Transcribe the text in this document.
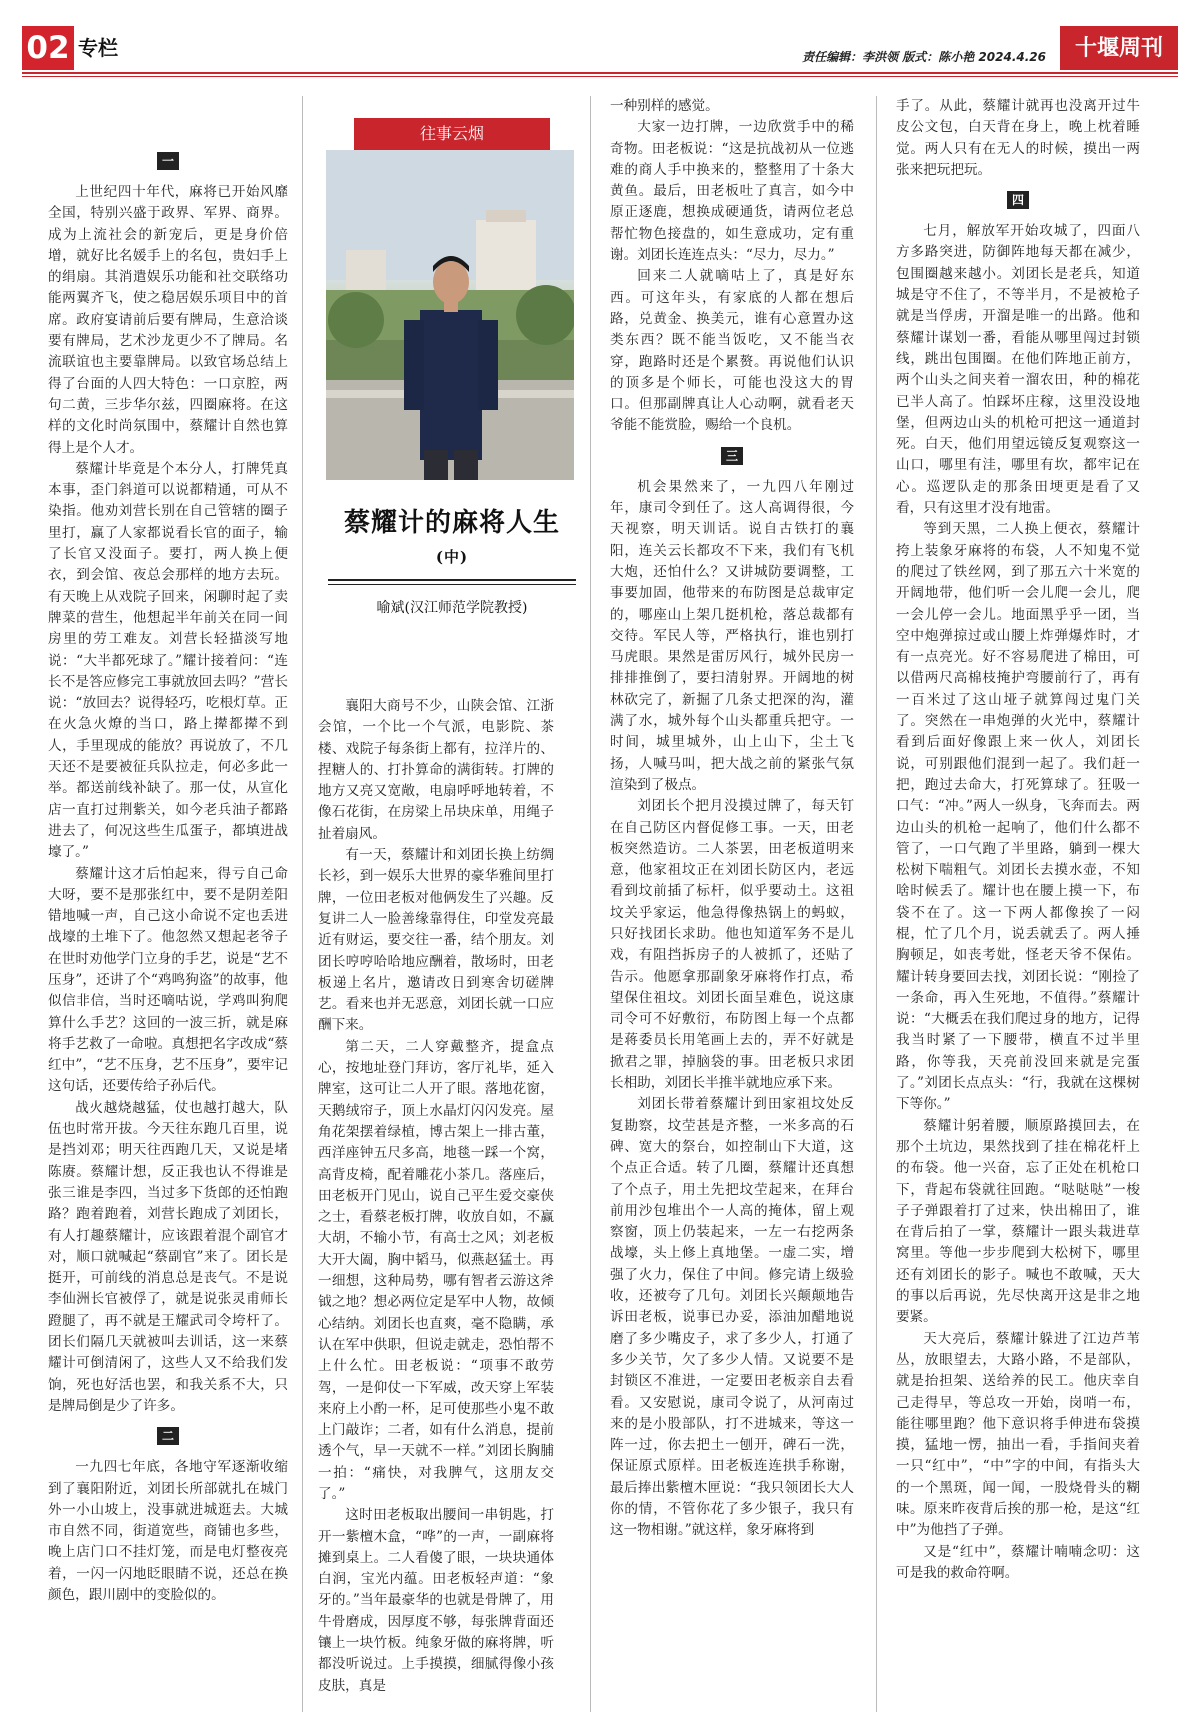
02 专栏	责任编辑：李洪领 版式：陈小艳 2024.4.26	十堰周刊
一

上世纪四十年代，麻将已开始风靡全国，特别兴盛于政界、军界、商界。成为上流社会的新宠后，更是身价倍增，就好比名媛手上的名包，贵妇手上的绢扇。其消遣娱乐功能和社交联络功能两翼齐飞，使之稳居娱乐项目中的首席。政府宴请前后要有牌局，生意洽谈要有牌局，艺术沙龙更少不了牌局。名流联谊也主要靠牌局。以致官场总结上得了台面的人四大特色：一口京腔，两句二黄，三步华尔兹，四圈麻将。在这样的文化时尚氛围中，蔡耀计自然也算得上是个人才。

蔡耀计毕竟是个本分人，打牌凭真本事，歪门斜道可以说都精通，可从不染指。他劝刘营长别在自己管辖的圈子里打，赢了人家都说看长官的面子，输了长官又没面子。要打，两人换上便衣，到会馆、夜总会那样的地方去玩。有天晚上从戏院子回来，闲聊时起了卖牌菜的营生，他想起半年前关在同一间房里的劳工难友。刘营长轻描淡写地说：“大半都死球了。”耀计接着问：“连长不是答应修完工事就放回去吗？”营长说：“放回去？说得轻巧，吃根灯草。正在火急火燎的当口，路上撵都撵不到人，手里现成的能放？再说放了，不几天还不是要被征兵队拉走，何必多此一举。都送前线补缺了。那一仗，从宣化店一直打过荆紫关，如今老兵油子都路进去了，何况这些生瓜蛋子，都填进战壕了。”

蔡耀计这才后怕起来，得亏自己命大呀，要不是那张红中，要不是阴差阳错地喊一声，自己这小命说不定也丢进战壕的土堆下了。他忽然又想起老爷子在世时劝他学门立身的手艺，说是“艺不压身”，还讲了个“鸡鸣狗盗”的故事，他似信非信，当时还嘀咕说，学鸡叫狗爬算什么手艺？这回的一波三折，就是麻将手艺救了一命啦。真想把名字改成“蔡红中”，“艺不压身，艺不压身”，要牢记这句话，还要传给子孙后代。

战火越烧越猛，仗也越打越大，队伍也时常开拔。今天往东跑几百里，说是挡刘邓；明天往西跑几天，又说是堵陈赓。蔡耀计想，反正我也认不得谁是张三谁是李四，当过多下货郎的还怕跑路？跑着跑着，刘营长跑成了刘团长，有人打趣蔡耀计，应该跟着混个副官才对，顺口就喊起“蔡副官”来了。团长是挺开，可前线的消息总是丧气。不是说李仙洲长官被俘了，就是说张灵甫师长蹬腿了，再不就是王耀武司令垮杆了。团长们隔几天就被叫去训话，这一来蔡耀计可倒清闲了，这些人又不给我们发饷，死也好活也罢，和我关系不大，只是牌局倒是少了许多。

二

一九四七年底，各地守军逐渐收缩到了襄阳附近，刘团长所部就扎在城门外一小山坡上，没事就进城逛去。大城市自然不同，街道宽些，商铺也多些，晚上店门口不挂灯笼，而是电灯整夜亮着，一闪一闪地眨眼睛不说，还总在换颜色，跟川剧中的变脸似的。

往事云烟
蔡耀计的麻将人生(中)
喻斌(汉江师范学院教授)

襄阳大商号不少，山陕会馆、江浙会馆，一个比一个气派，电影院、茶楼、戏院子每条街上都有，拉洋片的、捏糖人的、打扑算命的满街转。打牌的地方又亮又宽敞，电扇呼呼地转着，不像石花街，在房梁上吊块床单，用绳子扯着扇风。

有一天，蔡耀计和刘团长换上纺绸长衫，到一娱乐大世界的豪华雅间里打牌，一位田老板对他俩发生了兴趣。反复讲二人一脸善缘靠得住，印堂发亮最近有财运，要交往一番，结个朋友。刘团长哼哼哈哈地应酬着，散场时，田老板递上名片，邀请改日到寒舍切磋牌艺。看来也并无恶意，刘团长就一口应酬下来。

第二天，二人穿戴整齐，提盒点心，按地址登门拜访，客厅礼毕，延入牌室，这可让二人开了眼。落地花窗，天鹅绒帘子，顶上水晶灯闪闪发亮。屋角花架摆着绿植，博古架上一排古董，西洋座钟五尺多高，地毯一踩一个窝，高背皮椅，配着雕花小茶几。落座后，田老板开门见山，说自己平生爱交豪侠之士，看蔡老板打牌，收放自如，不赢大胡，不输小节，有高士之风；刘老板大开大阖，胸中韬马，似燕赵猛士。再一细想，这种局势，哪有智者云游这斧钺之地？想必两位定是军中人物，故倾心结纳。刘团长也直爽，毫不隐瞒，承认在军中供职，但说走就走，恐怕帮不上什么忙。田老板说：“项事不敢劳驾，一是仰仗一下军威，改天穿上军装来府上小酌一杯，足可使那些小鬼不敢上门敲诈；二者，如有什么消息，提前透个气，早一天就不一样。”刘团长胸脯一拍：“痛快，对我脾气，这朋友交了。”

这时田老板取出腰间一串钥匙，打开一紫檀木盒，“哗”的一声，一副麻将摊到桌上。二人看傻了眼，一块块通体白润，宝光内蕴。田老板轻声道：“象牙的。”当年最豪华的也就是骨牌了，用牛骨磨成，因厚度不够，每张牌背面还镶上一块竹板。纯象牙做的麻将牌，听都没听说过。上手摸摸，细腻得像小孩皮肤，真是

一种别样的感觉。

大家一边打牌，一边欣赏手中的稀奇物。田老板说：“这是抗战初从一位逃难的商人手中换来的，整整用了十条大黄鱼。最后，田老板吐了真言，如今中原正逐鹿，想换成硬通货，请两位老总帮忙物色接盘的，如生意成功，定有重谢。刘团长连连点头：“尽力，尽力。”

回来二人就嘀咕上了，真是好东西。可这年头，有家底的人都在想后路，兑黄金、换美元，谁有心意置办这类东西？既不能当饭吃，又不能当衣穿，跑路时还是个累赘。再说他们认识的顶多是个师长，可能也没这大的胃口。但那副牌真让人心动啊，就看老天爷能不能赏脸，赐给一个良机。

三

机会果然来了，一九四八年刚过年，康司令到任了。这人高调得很，今天视察，明天训话。说自古铁打的襄阳，连关云长都攻不下来，我们有飞机大炮，还怕什么？又讲城防要调整，工事要加固，他带来的布防图是总裁审定的，哪座山上架几挺机枪，落总裁都有交待。军民人等，严格执行，谁也别打马虎眼。果然是雷厉风行，城外民房一排排推倒了，要扫清射界。开阔地的树林砍完了，新掘了几条丈把深的沟，灌满了水，城外每个山头都重兵把守。一时间，城里城外，山上山下，尘土飞扬，人喊马叫，把大战之前的紧张气氛渲染到了极点。

刘团长个把月没摸过牌了，每天钉在自己防区内督促修工事。一天，田老板突然造访。二人茶罢，田老板道明来意，他家祖坟正在刘团长防区内，老远看到坟前插了标杆，似乎要动土。这祖坟关乎家运，他急得像热锅上的蚂蚁，只好找团长求助。他也知道军务不是儿戏，有阻挡拆房子的人被抓了，还贴了告示。他愿拿那副象牙麻将作打点，希望保住祖坟。刘团长面呈难色，说这康司令可不好敷衍，布防图上每一个点都是蒋委员长用笔画上去的，弄不好就是掀君之罪，掉脑袋的事。田老板只求团长相助，刘团长半推半就地应承下来。

刘团长带着蔡耀计到田家祖坟处反复勘察，坟茔甚是齐整，一米多高的石碑、宽大的祭台，如控制山下大道，这个点正合适。转了几圈，蔡耀计还真想了个点子，用土先把坟茔起来，在拜台前用沙包堆出个一人高的掩体，留上观察窗，顶上仍装起来，一左一右挖两条战壕，头上修上真地堡。一虚二实，增强了火力，保住了中间。修完请上级验收，还被夸了几句。刘团长兴颠颠地告诉田老板，说事已办妥，添油加醋地说磨了多少嘴皮子，求了多少人，打通了多少关节，欠了多少人情。又说要不是封锁区不准进，一定要田老板亲自去看看。又安慰说，康司令说了，从河南过来的是小股部队，打不进城来，等这一阵一过，你去把土一刨开，碑石一洗，保证原式原样。田老板连连拱手称谢，最后捧出紫檀木匣说：“我只领团长大人你的情，不管你花了多少银子，我只有这一物相谢。”就这样，象牙麻将到

手了。从此，蔡耀计就再也没离开过牛皮公文包，白天背在身上，晚上枕着睡觉。两人只有在无人的时候，摸出一两张来把玩把玩。

四

七月，解放军开始攻城了，四面八方多路突进，防御阵地每天都在减少，包围圈越来越小。刘团长是老兵，知道城是守不住了，不等半月，不是被枪子就是当俘虏，开溜是唯一的出路。他和蔡耀计谋划一番，看能从哪里闯过封锁线，跳出包围圈。在他们阵地正前方，两个山头之间夹着一溜农田，种的棉花已半人高了。怕踩坏庄稼，这里没设地堡，但两边山头的机枪可把这一通道封死。白天，他们用望远镜反复观察这一山口，哪里有洼，哪里有坎，都牢记在心。巡逻队走的那条田埂更是看了又看，只有这里才没有地雷。

等到天黑，二人换上便衣，蔡耀计挎上装象牙麻将的布袋，人不知鬼不觉的爬过了铁丝网，到了那五六十米宽的开阔地带，他们听一会儿爬一会儿，爬一会儿停一会儿。地面黑乎乎一团，当空中炮弹掠过或山腰上炸弹爆炸时，才有一点亮光。好不容易爬进了棉田，可以借两尺高棉枝掩护弯腰前行了，再有一百米过了这山垭子就算闯过鬼门关了。突然在一串炮弹的火光中，蔡耀计看到后面好像跟上来一伙人，刘团长说，可别跟他们混到一起了。我们赶一把，跑过去命大，打死算球了。狂吸一口气：“冲。”两人一纵身，飞奔而去。两边山头的机枪一起响了，他们什么都不管了，一口气跑了半里路，躺到一棵大松树下喘粗气。刘团长去摸水壶，不知啥时候丢了。耀计也在腰上摸一下，布袋不在了。这一下两人都像挨了一闷棍，忙了几个月，说丢就丢了。两人捶胸顿足，如丧考妣，怪老天爷不保佑。耀计转身要回去找，刘团长说：“刚捡了一条命，再入生死地，不值得。”蔡耀计说：“大概丢在我们爬过身的地方，记得我当时紧了一下腰带，横直不过半里路，你等我，天亮前没回来就是完蛋了。”刘团长点点头：“行，我就在这棵树下等你。”

蔡耀计躬着腰，顺原路摸回去，在那个土坑边，果然找到了挂在棉花杆上的布袋。他一兴奋，忘了正处在机枪口下，背起布袋就往回跑。“哒哒哒”一梭子子弹跟着打了过来，快出棉田了，谁在背后拍了一掌，蔡耀计一跟头栽进草窝里。等他一步步爬到大松树下，哪里还有刘团长的影子。喊也不敢喊，天大的事以后再说，先尽快离开这是非之地要紧。

天大亮后，蔡耀计躲进了江边芦苇丛，放眼望去，大路小路，不是部队，就是抬担架、送给养的民工。他庆幸自己走得早，等总攻一开始，岗哨一布，能往哪里跑？他下意识将手伸进布袋摸摸，猛地一愣，抽出一看，手指间夹着一只“红中”，“中”字的中间，有指头大的一个黑斑，闻一闻，一股烧骨头的糊味。原来昨夜背后挨的那一枪，是这“红中”为他挡了子弹。

又是“红中”，蔡耀计喃喃念叨：这可是我的救命符啊。
